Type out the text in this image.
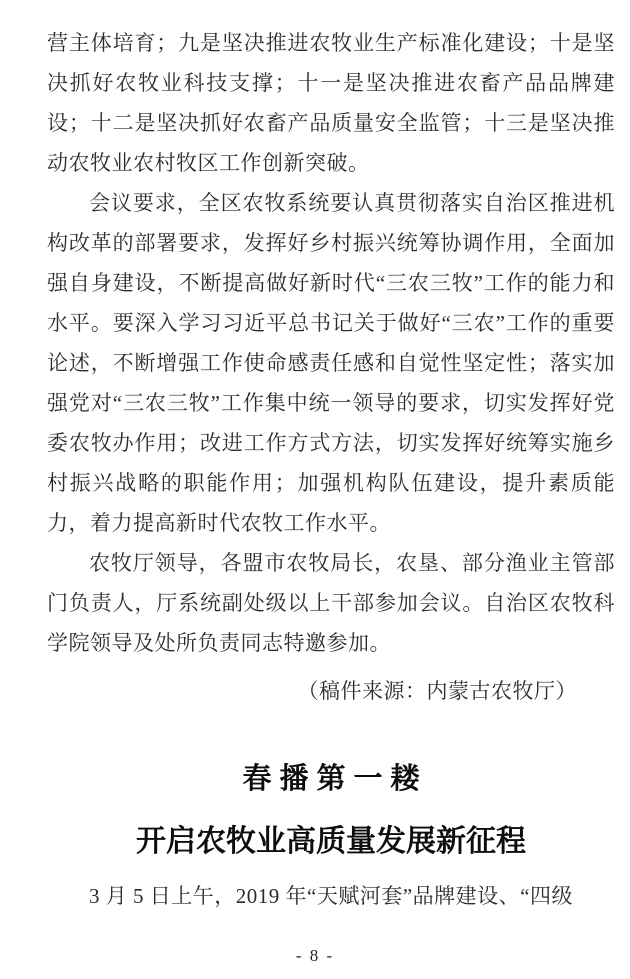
营主体培育；九是坚决推进农牧业生产标准化建设；十是坚决抓好农牧业科技支撑；十一是坚决推进农畜产品品牌建设；十二是坚决抓好农畜产品质量安全监管；十三是坚决推动农牧业农村牧区工作创新突破。

会议要求，全区农牧系统要认真贯彻落实自治区推进机构改革的部署要求，发挥好乡村振兴统筹协调作用，全面加强自身建设，不断提高做好新时代“三农三牧”工作的能力和水平。要深入学习习近平总书记关于做好“三农”工作的重要论述，不断增强工作使命感责任感和自觉性坚定性；落实加强党对“三农三牧”工作集中统一领导的要求，切实发挥好党委农牧办作用；改进工作方式方法，切实发挥好统筹实施乡村振兴战略的职能作用；加强机构队伍建设，提升素质能力，着力提高新时代农牧工作水平。

农牧厅领导，各盟市农牧局长，农垦、部分渔业主管部门负责人，厅系统副处级以上干部参加会议。自治区农牧科学院领导及处所负责同志特邀参加。

（稿件来源：内蒙古农牧厅）

春播第一耧
开启农牧业高质量发展新征程

3 月 5 日上午，2019 年“天赋河套”品牌建设、“四级

- 8 -
